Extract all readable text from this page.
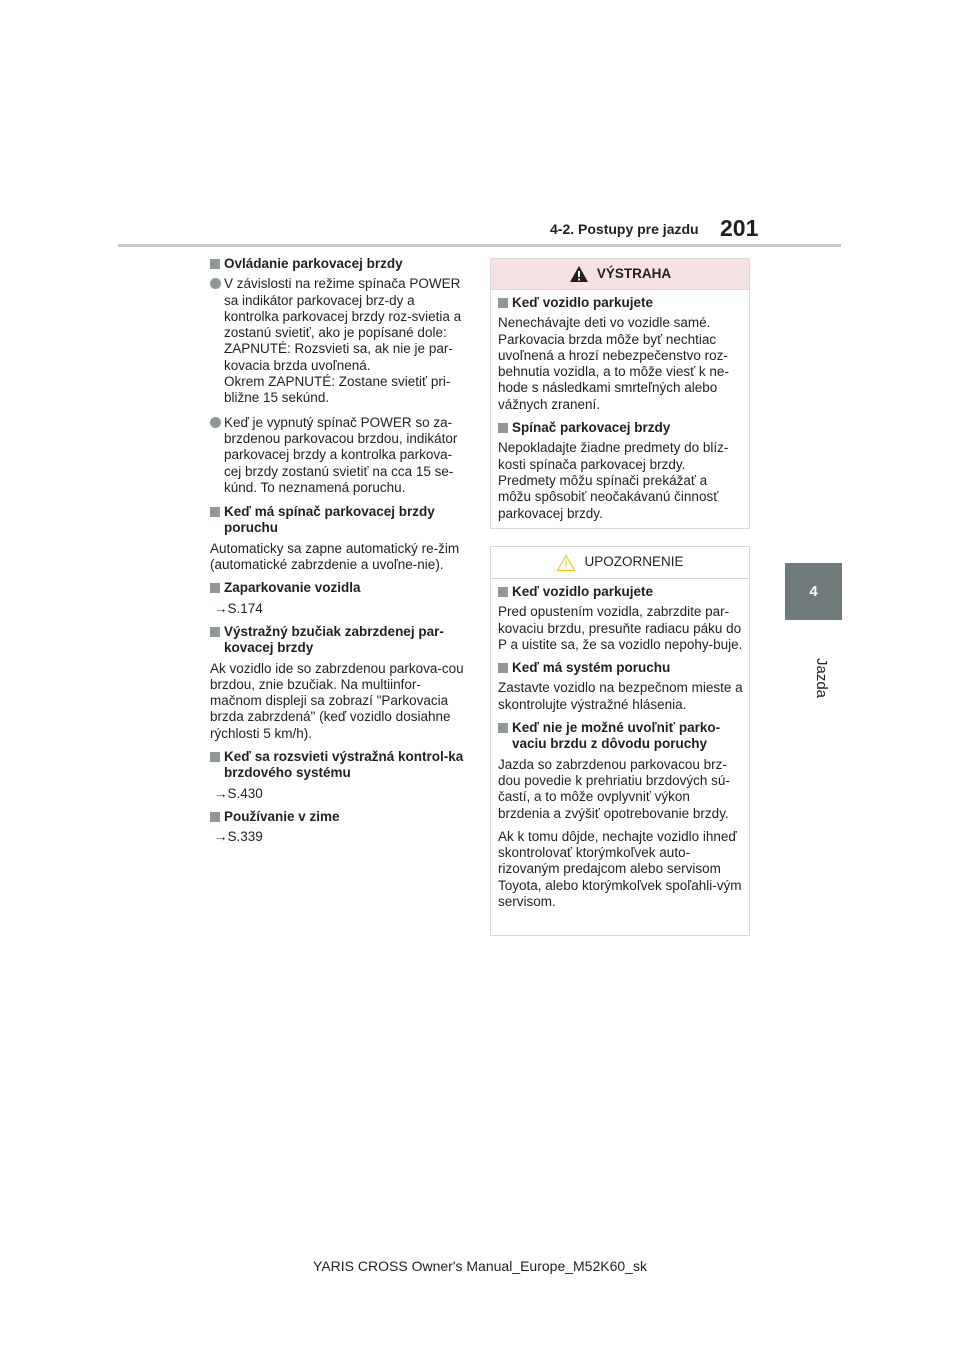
4-2. Postupy pre jazdu 201
4
Jazda
Ovládanie parkovacej brzdy
V závislosti na režime spínača POWER sa indikátor parkovacej brz-dy a kontrolka parkovacej brzdy roz-svietia a zostanú svietiť, ako je popísané dole:
ZAPNUTÉ: Rozsvieti sa, ak nie je par-kovacia brzda uvoľnená.
Okrem ZAPNUTÉ: Zostane svietiť pri-bližne 15 sekúnd.
Keď je vypnutý spínač POWER so za-brzdenou parkovacou brzdou, indikátor parkovacej brzdy a kontrolka parkova-cej brzdy zostanú svietiť na cca 15 se-kúnd. To neznamená poruchu.
Keď má spínač parkovacej brzdy poruchu
Automaticky sa zapne automatický re-žim (automatické zabrzdenie a uvoľne-nie).
Zaparkovanie vozidla
→S.174
Výstražný bzučiak zabrzdenej par-kovacej brzdy
Ak vozidlo ide so zabrzdenou parkova-cou brzdou, znie bzučiak. Na multiinfor-mačnom displeji sa zobrazí "Parkovacia brzda zabrzdená" (keď vozidlo dosiahne rýchlosti 5 km/h).
Keď sa rozsvieti výstražná kontrol-ka brzdového systému
→S.430
Používanie v zime
→S.339
VÝSTRAHA
Keď vozidlo parkujete
Nenechávajte deti vo vozidle samé. Parkovacia brzda môže byť nechtiac uvoľnená a hrozí nebezpečenstvo roz-behnutia vozidla, a to môže viesť k ne-hode s následkami smrteľných alebo vážnych zranení.
Spínač parkovacej brzdy
Nepokladajte žiadne predmety do blíz-kosti spínača parkovacej brzdy. Predmety môžu spínači prekážať a môžu spôsobiť neočakávanú činnosť parkovacej brzdy.
UPOZORNENIE
Keď vozidlo parkujete
Pred opustením vozidla, zabrzdite par-kovaciu brzdu, presuňte radiacu páku do P a uistite sa, že sa vozidlo nepohy-buje.
Keď má systém poruchu
Zastavte vozidlo na bezpečnom mieste a skontrolujte výstražné hlásenia.
Keď nie je možné uvoľniť parko-vaciu brzdu z dôvodu poruchy
Jazda so zabrzdenou parkovacou brz-dou povedie k prehriatiu brzdových sú-častí, a to môže ovplyvniť výkon brzdenia a zvýšiť opotrebovanie brzdy.
Ak k tomu dôjde, nechajte vozidlo ihneď skontrolovať ktorýmkoľvek auto-rizovaným predajcom alebo servisom Toyota, alebo ktorýmkoľvek spoľahli-vým servisom.
YARIS CROSS Owner's Manual_Europe_M52K60_sk
